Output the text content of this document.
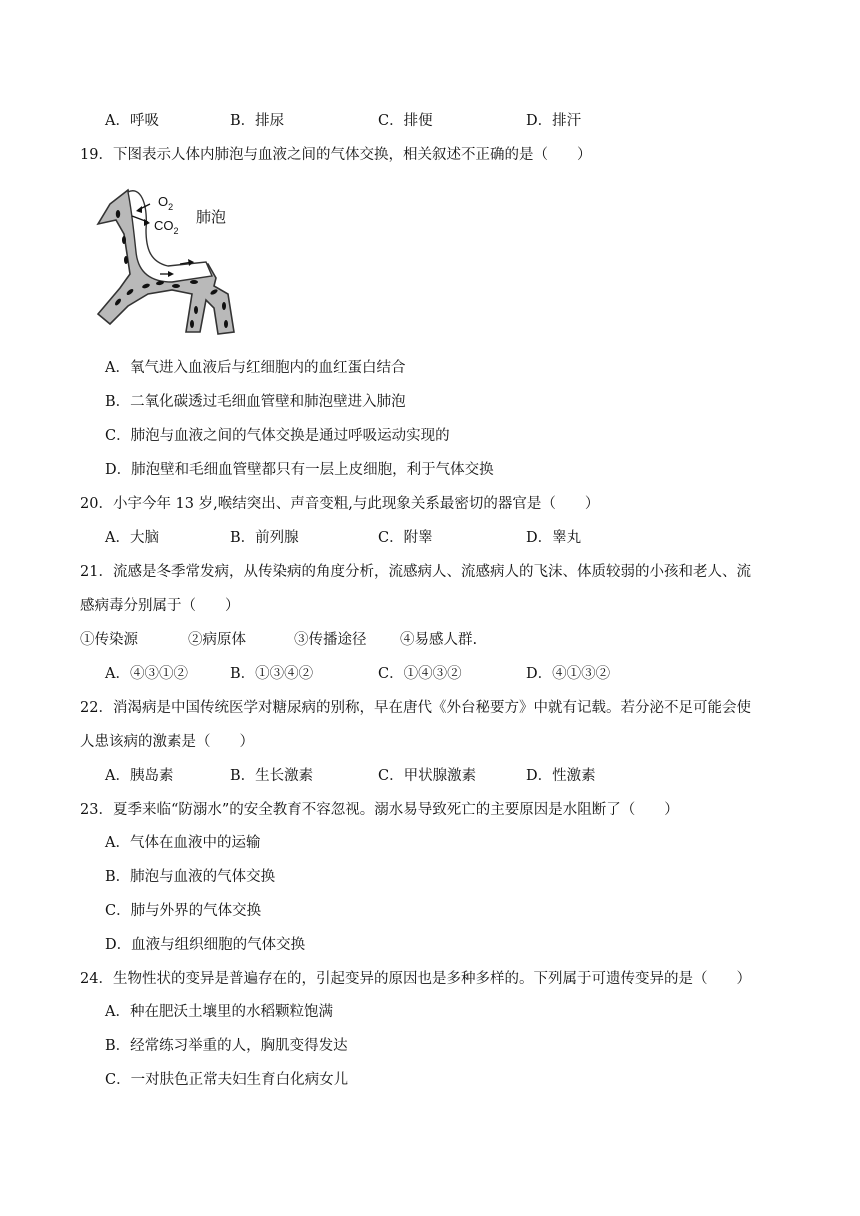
A．呼吸	B．排尿	C．排便	D．排汗
19．下图表示人体内肺泡与血液之间的气体交换，相关叙述不正确的是（　　）
$O_2$
$CO_2$
肺泡
A．氧气进入血液后与红细胞内的血红蛋白结合
B．二氧化碳透过毛细血管壁和肺泡壁进入肺泡
C．肺泡与血液之间的气体交换是通过呼吸运动实现的
D．肺泡壁和毛细血管壁都只有一层上皮细胞，利于气体交换
20．小宇今年 13 岁,喉结突出、声音变粗,与此现象关系最密切的器官是（　　）
A．大脑	B．前列腺	C．附睾	D．睾丸
21．流感是冬季常发病，从传染病的角度分析，流感病人、流感病人的飞沫、体质较弱的小孩和老人、流
感病毒分别属于（　　）
①传染源	②病原体	③传播途径 ④易感人群.
A．④③①②	B．①③④②	C．①④③②	D．④①③②
22．消渴病是中国传统医学对糖尿病的别称，早在唐代《外台秘要方》中就有记载。若分泌不足可能会使
人患该病的激素是（　　）
A．胰岛素	B．生长激素	C．甲状腺激素	D．性激素
23．夏季来临“防溺水”的安全教育不容忽视。溺水易导致死亡的主要原因是水阻断了（　　）
A．气体在血液中的运输
B．肺泡与血液的气体交换
C．肺与外界的气体交换
D．血液与组织细胞的气体交换
24．生物性状的变异是普遍存在的，引起变异的原因也是多种多样的。下列属于可遗传变异的是（　　）
A．种在肥沃土壤里的水稻颗粒饱满
B．经常练习举重的人，胸肌变得发达
C．一对肤色正常夫妇生育白化病女儿
